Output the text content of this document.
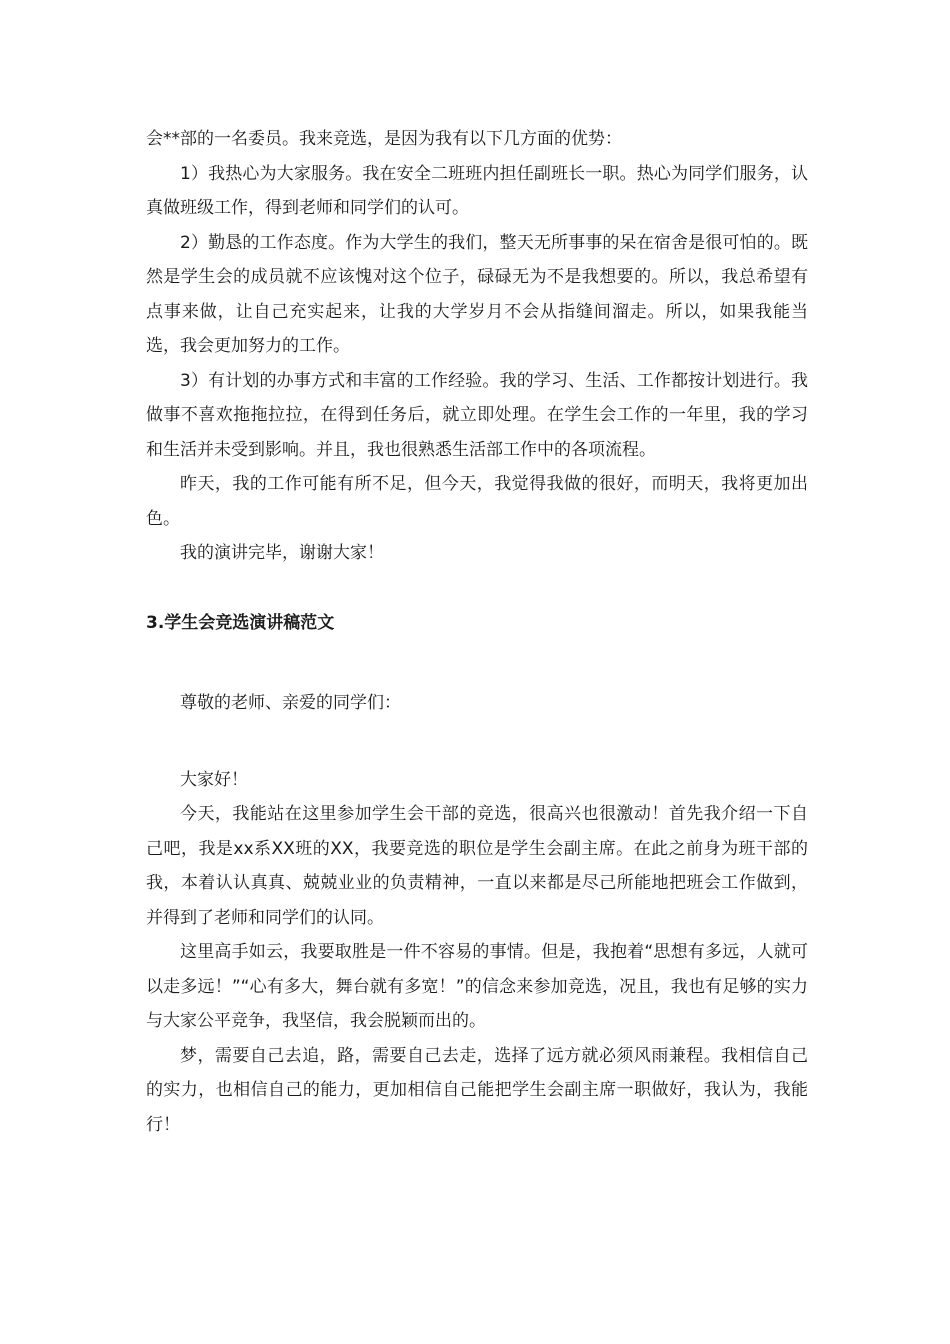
会**部的一名委员。我来竞选，是因为我有以下几方面的优势：

1）我热心为大家服务。我在安全二班班内担任副班长一职。热心为同学们服务，认真做班级工作，得到老师和同学们的认可。

2）勤恳的工作态度。作为大学生的我们，整天无所事事的呆在宿舍是很可怕的。既然是学生会的成员就不应该愧对这个位子，碌碌无为不是我想要的。所以，我总希望有点事来做，让自己充实起来，让我的大学岁月不会从指缝间溜走。所以，如果我能当选，我会更加努力的工作。

3）有计划的办事方式和丰富的工作经验。我的学习、生活、工作都按计划进行。我做事不喜欢拖拖拉拉，在得到任务后，就立即处理。在学生会工作的一年里，我的学习和生活并未受到影响。并且，我也很熟悉生活部工作中的各项流程。

昨天，我的工作可能有所不足，但今天，我觉得我做的很好，而明天，我将更加出色。

我的演讲完毕，谢谢大家！

3.学生会竞选演讲稿范文

尊敬的老师、亲爱的同学们：

大家好！

今天，我能站在这里参加学生会干部的竞选，很高兴也很激动！首先我介绍一下自己吧，我是xx系XX班的XX，我要竞选的职位是学生会副主席。在此之前身为班干部的我，本着认认真真、兢兢业业的负责精神，一直以来都是尽己所能地把班会工作做到，并得到了老师和同学们的认同。

这里高手如云，我要取胜是一件不容易的事情。但是，我抱着“思想有多远，人就可以走多远！”“心有多大，舞台就有多宽！”的信念来参加竞选，况且，我也有足够的实力与大家公平竞争，我坚信，我会脱颖而出的。

梦，需要自己去追，路，需要自己去走，选择了远方就必须风雨兼程。我相信自己的实力，也相信自己的能力，更加相信自己能把学生会副主席一职做好，我认为，我能行！
